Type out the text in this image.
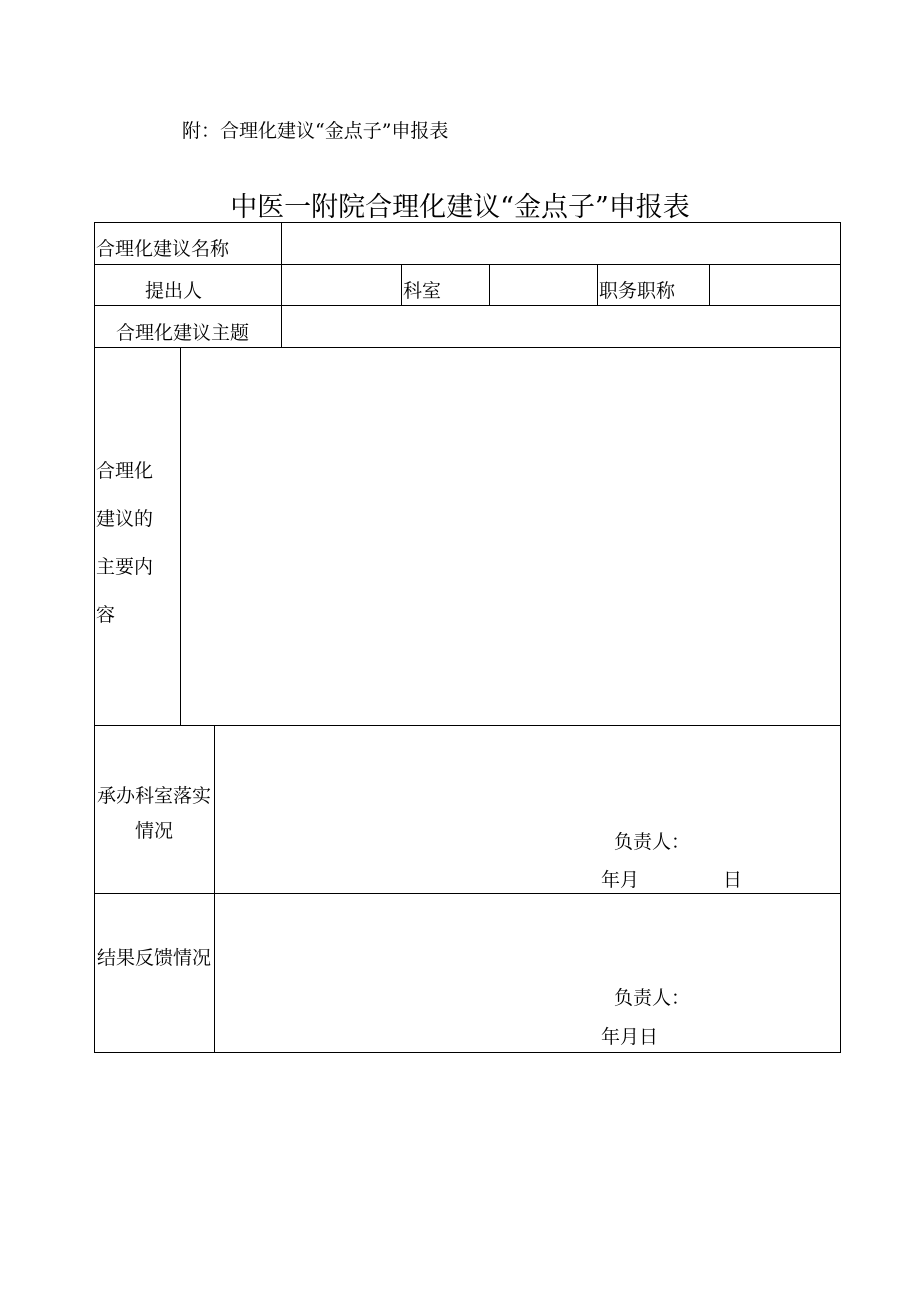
附：合理化建议“金点子”申报表
中医一附院合理化建议“金点子”申报表
合理化建议名称
提出人	科室	职务职称
合理化建议主题
合理化建议的主要内容
承办科室落实情况	负责人：
年月	日
结果反馈情况
负责人：
年月日
